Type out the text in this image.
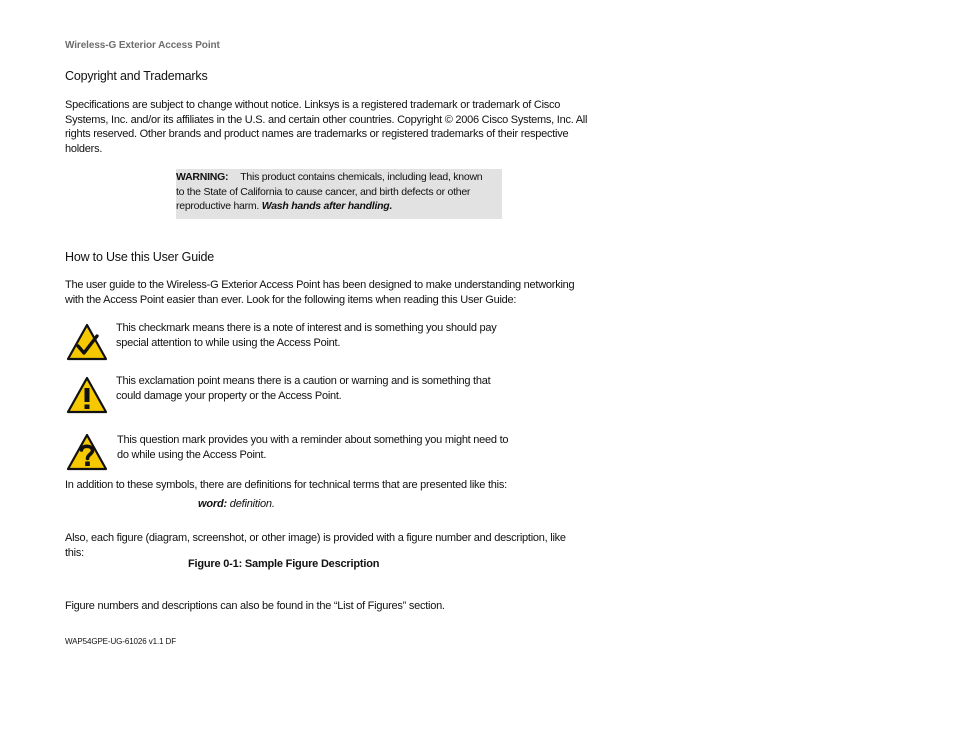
Wireless-G Exterior Access Point
Copyright and Trademarks
Specifications are subject to change without notice. Linksys is a registered trademark or trademark of Cisco
Systems, Inc. and/or its affiliates in the U.S. and certain other countries. Copyright © 2006 Cisco Systems, Inc. All
rights reserved. Other brands and product names are trademarks or registered trademarks of their respective
holders.
WARNING: This product contains chemicals, including lead, known
to the State of California to cause cancer, and birth defects or other
reproductive harm. Wash hands after handling.
How to Use this User Guide
The user guide to the Wireless-G Exterior Access Point has been designed to make understanding networking
with the Access Point easier than ever. Look for the following items when reading this User Guide:
This checkmark means there is a note of interest and is something you should pay
special attention to while using the Access Point.
This exclamation point means there is a caution or warning and is something that
could damage your property or the Access Point.
This question mark provides you with a reminder about something you might need to
do while using the Access Point.
In addition to these symbols, there are definitions for technical terms that are presented like this:
word: definition.
Also, each figure (diagram, screenshot, or other image) is provided with a figure number and description, like
this:
Figure 0-1: Sample Figure Description
Figure numbers and descriptions can also be found in the “List of Figures” section.
WAP54GPE-UG-61026 v1.1 DF
